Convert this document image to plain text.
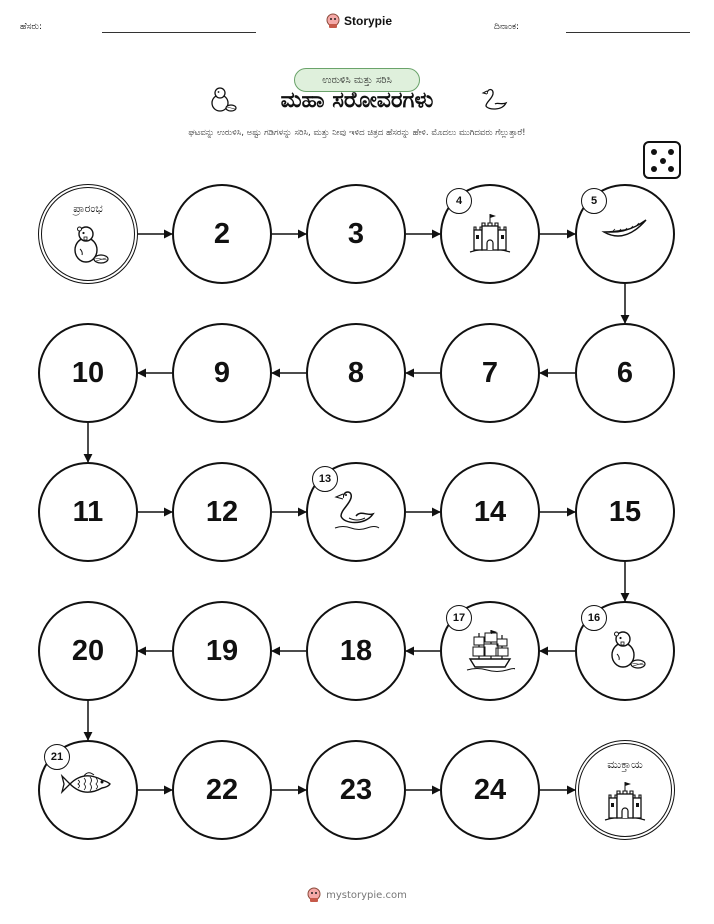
ಹೆಸರು:	Storypie	ದಿನಾಂಕ:
ಉರುಳಿಸಿ ಮತ್ತು ಸರಿಸಿ
ಮಹಾ ಸರೋವರಗಳು
ಘಟವನ್ನು ಉರುಳಿಸಿ, ಅಷ್ಟು ಗಡಿಗಳನ್ನು ಸರಿಸಿ, ಮತ್ತು ನೀವು ಇಳಿದ ಚಿತ್ರದ ಹೆಸರನ್ನು ಹೇಳಿ. ಮೊದಲು ಮುಗಿದವರು ಗೆಲ್ಲುತ್ತಾರೆ!
ಪ್ರಾರಂಭ
2	3
4	5
6
7
8
9
10
11	12
13
14	15
16
17
18
19
20
21
22	23	24
ಮುಕ್ತಾಯ
mystorypie.com
